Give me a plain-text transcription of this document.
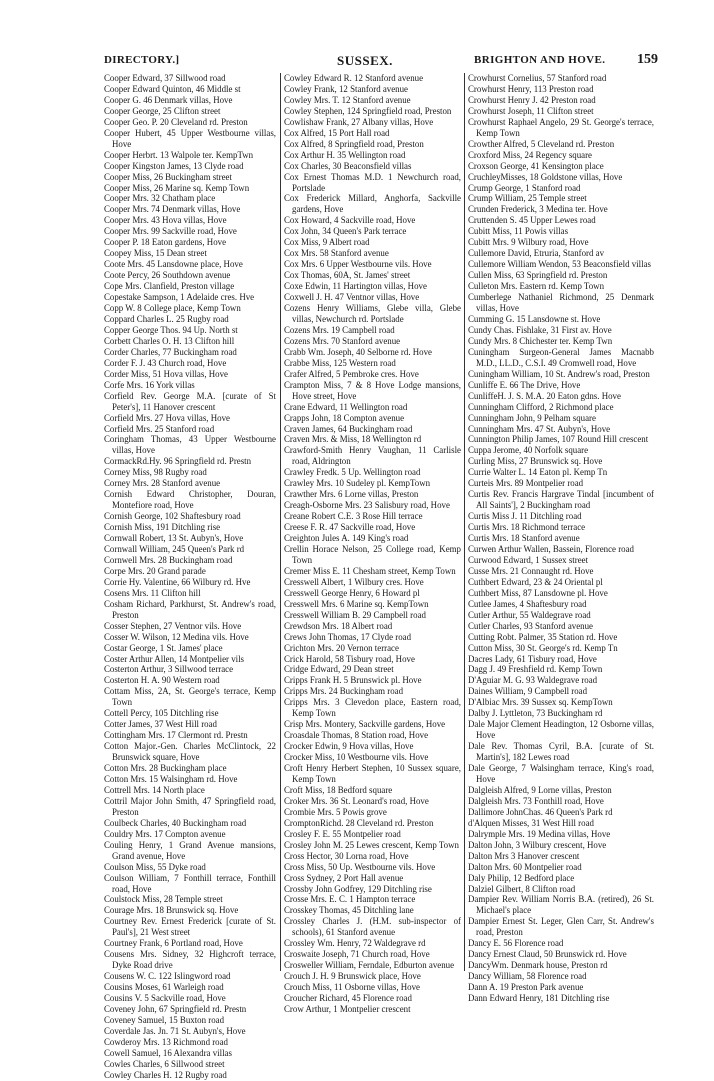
DIRECTORY.]	SUSSEX.	BRIGHTON AND HOVE. 159

Cooper Edward, 37 Sillwood road

Cooper Edward Quinton, 46 Middle st

Cooper G. 46 Denmark villas, Hove

Cooper George, 25 Clifton street

Cooper Geo. P. 20 Cleveland rd. Preston

Cooper Hubert, 45 Upper Westbourne villas, Hove

Cooper Herbrt. 13 Walpole ter. KempTwn

Cooper Kingston James, 13 Clyde road

Cooper Miss, 26 Buckingham street

Cooper Miss, 26 Marine sq. Kemp Town

Cooper Mrs. 32 Chatham place

Cooper Mrs. 74 Denmark villas, Hove

Cooper Mrs. 43 Hova villas, Hove

Cooper Mrs. 99 Sackville road, Hove

Cooper P. 18 Eaton gardens, Hove

Coopey Miss, 15 Dean street

Coote Mrs. 45 Lansdowne place, Hove

Coote Percy, 26 Southdown avenue

Cope Mrs. Clanfield, Preston village

Copestake Sampson, 1 Adelaide cres. Hve

Copp W. 8 College place, Kemp Town

Coppard Charles L. 25 Rugby road

Copper George Thos. 94 Up. North st

Corbett Charles O. H. 13 Clifton hill

Corder Charles, 77 Buckingham road

Corder F. J. 43 Church road, Hove

Corder Miss, 51 Hova villas, Hove

Corfe Mrs. 16 York villas

Corfield Rev. George M.A. [curate of St Peter's], 11 Hanover crescent

Corfield Mrs. 27 Hova villas, Hove

Corfield Mrs. 25 Stanford road

Coringham Thomas, 43 Upper Westbourne villas, Hove

CormackRd.Hy. 96 Springfield rd. Prestn

Corney Miss, 98 Rugby road

Corney Mrs. 28 Stanford avenue

Cornish Edward Christopher, Douran, Montefiore road, Hove

Cornish George, 102 Shaftesbury road

Cornish Miss, 191 Ditchling rise

Cornwall Robert, 13 St. Aubyn's, Hove

Cornwall William, 245 Queen's Park rd

Cornwell Mrs. 28 Buckingham road

Corpe Mrs. 20 Grand parade

Corrie Hy. Valentine, 66 Wilbury rd. Hve

Cosens Mrs. 11 Clifton hill

Cosham Richard, Parkhurst, St. Andrew's road, Preston

Cosser Stephen, 27 Ventnor vils. Hove

Cosser W. Wilson, 12 Medina vils. Hove

Costar George, 1 St. James' place

Coster Arthur Allen, 14 Montpelier vils

Costerton Arthur, 3 Sillwood terrace

Costerton H. A. 90 Western road

Cottam Miss, 2A, St. George's terrace, Kemp Town

Cottell Percy, 105 Ditchling rise

Cotter James, 37 West Hill road

Cottingham Mrs. 17 Clermont rd. Prestn

Cotton Major.-Gen. Charles McClintock, 22 Brunswick square, Hove

Cotton Mrs. 28 Buckingham place

Cotton Mrs. 15 Walsingham rd. Hove

Cottrell Mrs. 14 North place

Cottril Major John Smith, 47 Springfield road, Preston

Coulbeck Charles, 40 Buckingham road

Couldry Mrs. 17 Compton avenue

Couling Henry, 1 Grand Avenue mansions, Grand avenue, Hove

Coulson Miss, 55 Dyke road

Coulson William, 7 Fonthill terrace, Fonthill road, Hove

Coulstock Miss, 28 Temple street

Courage Mrs. 18 Brunswick sq. Hove

Courtney Rev. Ernest Frederick [curate of St. Paul's], 21 West street

Courtney Frank, 6 Portland road, Hove

Cousens Mrs. Sidney, 32 Highcroft terrace, Dyke Road drive

Cousens W. C. 122 Islingword road

Cousins Moses, 61 Warleigh road

Cousins V. 5 Sackville road, Hove

Coveney John, 67 Springfield rd. Prestn

Coveney Samuel, 15 Buxton road

Coverdale Jas. Jn. 71 St. Aubyn's, Hove

Cowderoy Mrs. 13 Richmond road

Cowell Samuel, 16 Alexandra villas

Cowles Charles, 6 Sillwood street

Cowley Charles H. 12 Rugby road

Cowley Edward R. 12 Stanford avenue

Cowley Frank, 12 Stanford avenue

Cowley Mrs. T. 12 Stanford avenue

Cowley Stephen, 124 Springfield road, Preston

Cowlishaw Frank, 27 Albany villas, Hove

Cox Alfred, 15 Port Hall road

Cox Alfred, 8 Springfield road, Preston

Cox Arthur H. 35 Wellington road

Cox Charles, 30 Beaconsfield villas

Cox Ernest Thomas M.D. 1 Newchurch road, Portslade

Cox Frederick Millard, Anghorfa, Sackville gardens, Hove

Cox Howard, 4 Sackville road, Hove

Cox John, 34 Queen's Park terrace

Cox Miss, 9 Albert road

Cox Mrs. 58 Stanford avenue

Cox Mrs. 6 Upper Westbourne vils. Hove

Cox Thomas, 60A, St. James' street

Coxe Edwin, 11 Hartington villas, Hove

Coxwell J. H. 47 Ventnor villas, Hove

Cozens Henry Williams, Glebe villa, Glebe villas, Newchurch rd. Portslade

Cozens Mrs. 19 Campbell road

Cozens Mrs. 70 Stanford avenue

Crabb Wm. Joseph, 40 Selborne rd. Hove

Crabbe Miss, 125 Western road

Crafer Alfred, 5 Pembroke cres. Hove

Crampton Miss, 7 & 8 Hove Lodge mansions, Hove street, Hove

Crane Edward, 11 Wellington road

Crapps John, 18 Compton avenue

Craven James, 64 Buckingham road

Craven Mrs. & Miss, 18 Wellington rd

Crawford-Smith Henry Vaughan, 11 Carlisle road, Aldrington

Crawley Fredk. 5 Up. Wellington road

Crawley Mrs. 10 Sudeley pl. KempTown

Crawther Mrs. 6 Lorne villas, Preston

Creagh-Osborne Mrs. 23 Salisbury road, Hove

Creane Robert C.E. 3 Rose Hill terrace

Creese F. R. 47 Sackville road, Hove

Creighton Jules A. 149 King's road

Crellin Horace Nelson, 25 College road, Kemp Town

Cremer Miss E. 11 Chesham street, Kemp Town

Cresswell Albert, 1 Wilbury cres. Hove

Cresswell George Henry, 6 Howard pl

Cresswell Mrs. 6 Marine sq. KempTown

Cresswell William B. 29 Campbell road

Crewdson Mrs. 18 Albert road

Crews John Thomas, 17 Clyde road

Crichton Mrs. 20 Vernon terrace

Crick Harold, 58 Tisbury road, Hove

Cridge Edward, 29 Dean street

Cripps Frank H. 5 Brunswick pl. Hove

Cripps Mrs. 24 Buckingham road

Cripps Mrs. 3 Clevedon place, Eastern road, Kemp Town

Crisp Mrs. Montery, Sackville gardens, Hove

Croasdale Thomas, 8 Station road, Hove

Crocker Edwin, 9 Hova villas, Hove

Crocker Miss, 10 Westbourne vils. Hove

Croft Henry Herbert Stephen, 10 Sussex square, Kemp Town

Croft Miss, 18 Bedford square

Croker Mrs. 36 St. Leonard's road, Hove

Crombie Mrs. 5 Powis grove

CromptonRichd. 28 Cleveland rd. Preston

Crosley F. E. 55 Montpelier road

Crosley John M. 25 Lewes crescent, Kemp Town

Cross Hector, 30 Lorna road, Hove

Cross Miss, 50 Up. Westbourne vils. Hove

Cross Sydney, 2 Port Hall avenue

Crossby John Godfrey, 129 Ditchling rise

Crosse Mrs. E. C. 1 Hampton terrace

Crosskey Thomas, 45 Ditchling lane

Crossley Charles J. (H.M. sub-inspector of schools), 61 Stanford avenue

Crossley Wm. Henry, 72 Waldegrave rd

Croswaite Joseph, 71 Church road, Hove

Crosweller William, Ferndale, Edburton avenue

Crouch J. H. 9 Brunswick place, Hove

Crouch Miss, 11 Osborne villas, Hove

Croucher Richard, 45 Florence road

Crow Arthur, 1 Montpelier crescent

Crowhurst Cornelius, 57 Stanford road

Crowhurst Henry, 113 Preston road

Crowhurst Henry J. 42 Preston road

Crowhurst Joseph, 11 Clifton street

Crowhurst Raphael Angelo, 29 St. George's terrace, Kemp Town

Crowther Alfred, 5 Cleveland rd. Preston

Croxford Miss, 24 Regency square

Croxson George, 41 Kensington place

CruchleyMisses, 18 Goldstone villas, Hove

Crump George, 1 Stanford road

Crump William, 25 Temple street

Crunden Frederick, 3 Medina ter. Hove

Cruttenden S. 45 Upper Lewes road

Cubitt Miss, 11 Powis villas

Cubitt Mrs. 9 Wilbury road, Hove

Cullemore David, Etruria, Stanford av

Cullemore William Wendon, 53 Beaconsfield villas

Cullen Miss, 63 Springfield rd. Preston

Culleton Mrs. Eastern rd. Kemp Town

Cumberlege Nathaniel Richmond, 25 Denmark villas, Hove

Cumming G. 15 Lansdowne st. Hove

Cundy Chas. Fishlake, 31 First av. Hove

Cundy Mrs. 8 Chichester ter. Kemp Twn

Cuningham Surgeon-General James Macnabb M.D., LL.D., C.S.I. 49 Cromwell road, Hove

Cuningham William, 10 St. Andrew's road, Preston

Cunliffe E. 66 The Drive, Hove

CunliffeH. J. S. M.A. 20 Eaton gdns. Hove

Cunningham Clifford, 2 Richmond place

Cunningham John, 9 Pelham square

Cunningham Mrs. 47 St. Aubyn's, Hove

Cunnington Philip James, 107 Round Hill crescent

Cuppa Jerome, 40 Norfolk square

Curling Miss, 27 Brunswick sq. Hove

Currie Walter L. 14 Eaton pl. Kemp Tn

Curteis Mrs. 89 Montpelier road

Curtis Rev. Francis Hargrave Tindal [incumbent of All Saints'], 2 Buckingham road

Curtis Miss J. 11 Ditchling road

Curtis Mrs. 18 Richmond terrace

Curtis Mrs. 18 Stanford avenue

Curwen Arthur Wallen, Bassein, Florence road

Curwood Edward, 1 Sussex street

Cusse Mrs. 21 Connaught rd. Hove

Cuthbert Edward, 23 & 24 Oriental pl

Cuthbert Miss, 87 Lansdowne pl. Hove

Cutlee James, 4 Shaftesbury road

Cutler Arthur, 55 Waldegrave road

Cutler Charles, 93 Stanford avenue

Cutting Robt. Palmer, 35 Station rd. Hove

Cutton Miss, 30 St. George's rd. Kemp Tn

Dacres Lady, 61 Tisbury road, Hove

Dagg J. 49 Freshfield rd. Kemp Town

D'Aguiar M. G. 93 Waldegrave road

Daines William, 9 Campbell road

D'Albiac Mrs. 39 Sussex sq. KempTown

Dalby J. Lyttleton, 73 Buckingham rd

Dale Major Clement Headington, 12 Osborne villas, Hove

Dale Rev. Thomas Cyril, B.A. [curate of St. Martin's], 182 Lewes road

Dale George, 7 Walsingham terrace, King's road, Hove

Dalgleish Alfred, 9 Lorne villas, Preston

Dalgleish Mrs. 73 Fonthill road, Hove

Dallimore JohnChas. 46 Queen's Park rd

d'Alquen Misses, 31 West Hill road

Dalrymple Mrs. 19 Medina villas, Hove

Dalton John, 3 Wilbury crescent, Hove

Dalton Mrs 3 Hanover crescent

Dalton Mrs. 60 Montpelier road

Daly Philip, 12 Bedford place

Dalziel Gilbert, 8 Clifton road

Dampier Rev. William Norris B.A. (retired), 26 St. Michael's place

Dampier Ernest St. Leger, Glen Carr, St. Andrew's road, Preston

Dancy E. 56 Florence road

Dancy Ernest Claud, 50 Brunswick rd. Hove

DancyWm. Denmark house, Preston rd

Dancy William, 58 Florence road

Dann A. 19 Preston Park avenue

Dann Edward Henry, 181 Ditchling rise
